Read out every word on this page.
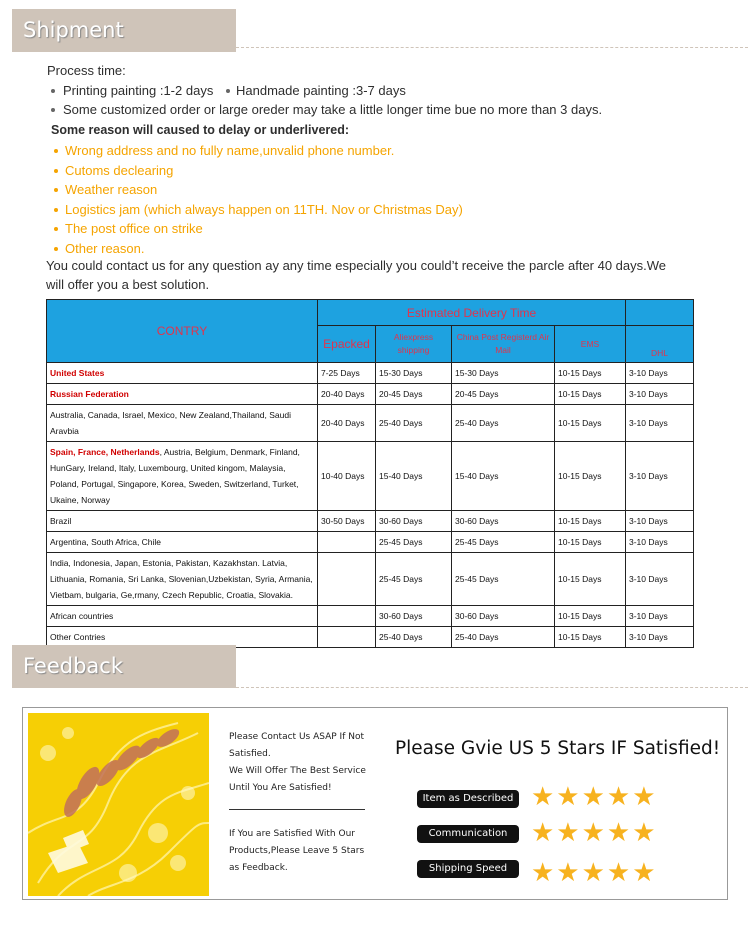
Shipment
Process time:
Printing painting :1-2 days Handmade painting :3-7 days
Some customized order or large oreder may take a little longer time bue no more than 3 days.
Some reason will caused to delay or underlivered:
Wrong address and no fully name,unvalid phone number.
Cutoms declearing
Weather reason
Logistics jam (which always happen on 11TH. Nov or Christmas Day)
The post office on strike
Other reason.
You could contact us for any question ay any time especially you could’t receive the parcle after 40 days.We
will offer you a best solution.
CONTRY	Estimated Delivery Time				
	Epacked	Aliexpress shipping	China Post Registerd Air Mail	EMS	DHL
United States	7-25 Days	15-30 Days	15-30 Days	10-15 Days	3-10 Days
Russian Federation	20-40 Days	20-45 Days	20-45 Days	10-15 Days	3-10 Days
Australia, Canada, Israel, Mexico, New Zealand,Thailand, Saudi Aravbia	20-40 Days	25-40 Days	25-40 Days	10-15 Days	3-10 Days
Spain, France, Netherlands, Austria, Belgium, Denmark, Finland, HunGary, Ireland, Italy, Luxembourg, United kingom, Malaysia, Poland, Portugal, Singapore, Korea, Sweden, Switzerland, Turket, Ukaine, Norway	10-40 Days	15-40 Days	15-40 Days	10-15 Days	3-10 Days
Brazil	30-50 Days	30-60 Days	30-60 Days	10-15 Days	3-10 Days
Argentina, South Africa, Chile		25-45 Days	25-45 Days	10-15 Days	3-10 Days
India, Indonesia, Japan, Estonia, Pakistan, Kazakhstan. Latvia, Lithuania, Romania, Sri Lanka, Slovenian,Uzbekistan, Syria, Armania, Vietbam, bulgaria, Ge,rmany, Czech Republic, Croatia, Slovakia.		25-45 Days	25-45 Days	10-15 Days	3-10 Days
African countries		30-60 Days	30-60 Days	10-15 Days	3-10 Days
Other Contries		25-40 Days	25-40 Days	10-15 Days	3-10 Days
Feedback
Please Contact Us ASAP If Not
Satisfied.
We Will Offer The Best Service
Until You Are Satisfied!
If You are Satisfied With Our
Products,Please Leave 5 Stars
as Feedback.
Please Gvie US 5 Stars IF Satisfied!
Item as Described ★★★★★
Communication ★★★★★
Shipping Speed ★★★★★
